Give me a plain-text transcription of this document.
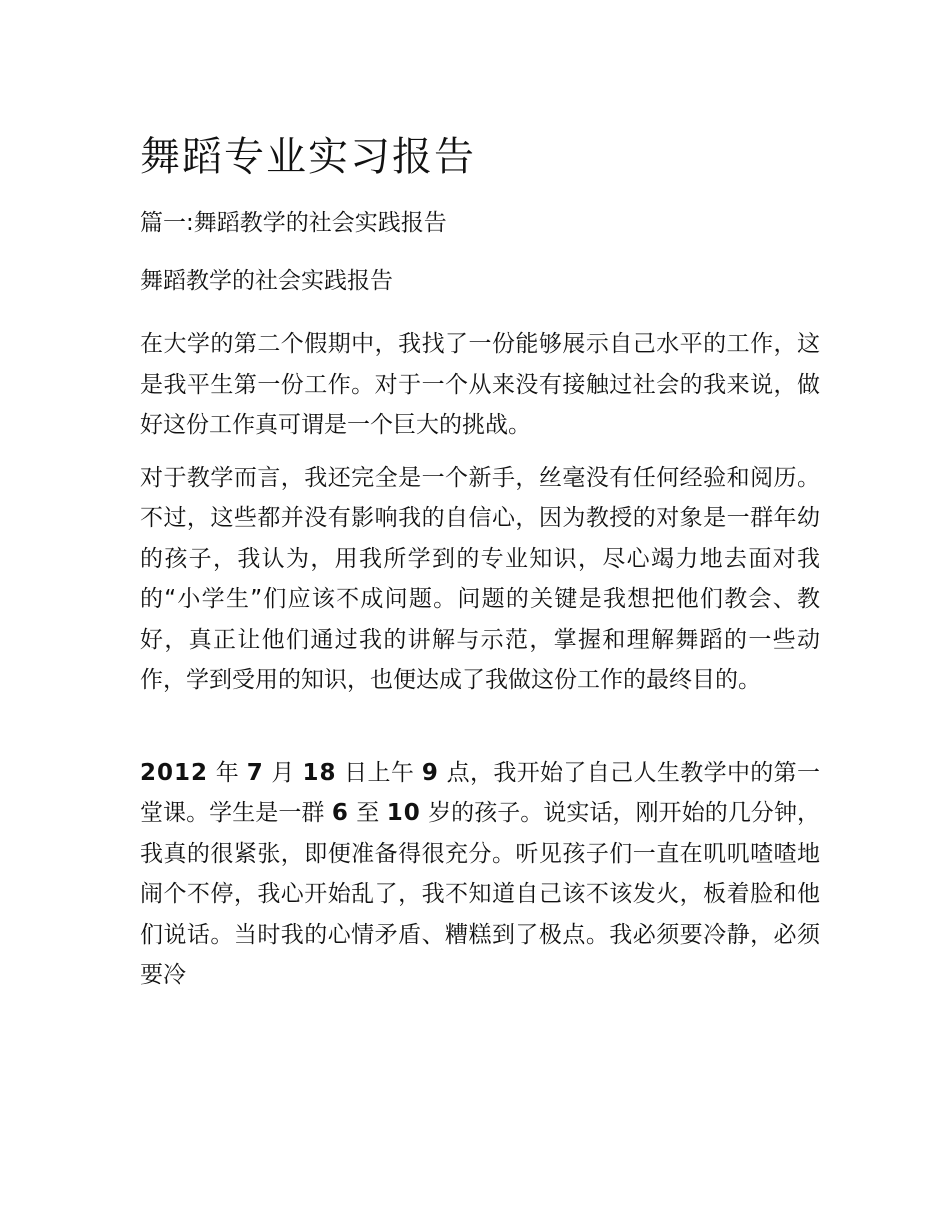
舞蹈专业实习报告

篇一:舞蹈教学的社会实践报告

舞蹈教学的社会实践报告

在大学的第二个假期中，我找了一份能够展示自己水平的工作，这是我平生第一份工作。对于一个从来没有接触过社会的我来说，做好这份工作真可谓是一个巨大的挑战。

对于教学而言，我还完全是一个新手，丝毫没有任何经验和阅历。不过，这些都并没有影响我的自信心，因为教授的对象是一群年幼的孩子，我认为，用我所学到的专业知识，尽心竭力地去面对我的“小学生”们应该不成问题。问题的关键是我想把他们教会、教好，真正让他们通过我的讲解与示范，掌握和理解舞蹈的一些动作，学到受用的知识，也便达成了我做这份工作的最终目的。

2012 年 7 月 18 日上午 9 点，我开始了自己人生教学中的第一堂课。学生是一群 6 至 10 岁的孩子。说实话，刚开始的几分钟，我真的很紧张，即便准备得很充分。听见孩子们一直在叽叽喳喳地闹个不停，我心开始乱了，我不知道自己该不该发火，板着脸和他们说话。当时我的心情矛盾、糟糕到了极点。我必须要冷静，必须要冷
